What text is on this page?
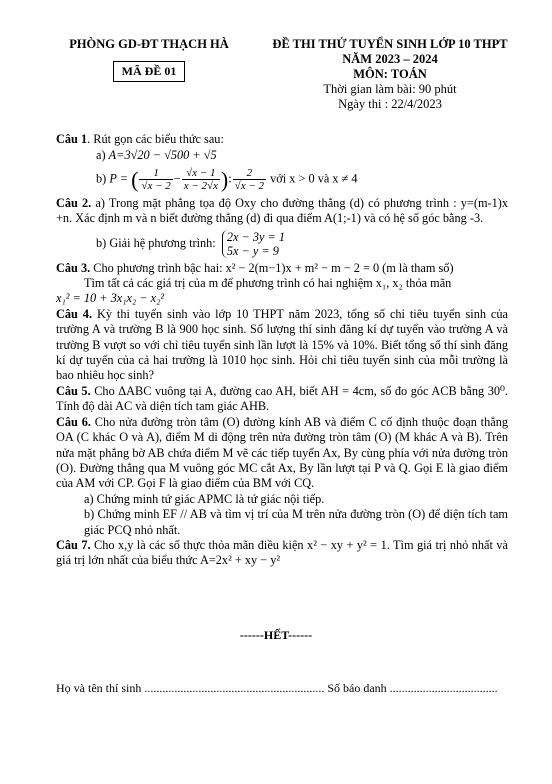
PHÒNG GD-ĐT THẠCH HÀ
MÃ ĐỀ 01
ĐỀ THI THỬ TUYỂN SINH LỚP 10 THPT
NĂM 2023 – 2024
MÔN: TOÁN
Thời gian làm bài: 90 phút
Ngày thi : 22/4/2023

Câu 1. Rút gọn các biểu thức sau:

a) A=3√20 − √500 + √5

b) P = ( $\frac{1}{√x - 2} - \frac{√x - 1}{x - 2√x}$ ): $\frac{2}{√x - 2}$ với x > 0 và x ≠ 4

Câu 2. a) Trong mặt phẳng tọa độ Oxy cho đường thẳng (d) có phương trình : y=(m-1)x +n. Xác định m và n biết đường thẳng (d) đi qua điểm A(1;-1) và có hệ số góc bằng -3.

b) Giải hệ phương trình: 2x − 3y = 1
5x − y = 9

Câu 3. Cho phương trình bậc hai: x² − 2(m−1)x + m² − m − 2 = 0 (m là tham số)

Tìm tất cả các giá trị của m để phương trình có hai nghiệm x₁, x₂ thỏa mãn

x₁² = 10 + 3x₁x₂ − x₂²

Câu 4. Kỳ thi tuyển sinh vào lớp 10 THPT năm 2023, tổng số chỉ tiêu tuyển sinh của trường A và trường B là 900 học sinh. Số lượng thí sinh đăng kí dự tuyển vào trường A và trường B vượt so với chỉ tiêu tuyển sinh lần lượt là 15% và 10%. Biết tổng số thí sinh đăng kí dự tuyển của cả hai trường là 1010 học sinh. Hỏi chỉ tiêu tuyển sinh của mỗi trường là bao nhiêu học sinh?

Câu 5. Cho ΔABC vuông tại A, đường cao AH, biết AH = 4cm, số đo góc ACB bằng 30⁰. Tính độ dài AC và diện tích tam giác AHB.

Câu 6. Cho nửa đường tròn tâm (O) đường kính AB và điểm C cố định thuộc đoạn thẳng OA (C khác O và A), điểm M di động trên nửa đường tròn tâm (O) (M khác A và B). Trên nửa mặt phẳng bờ AB chứa điểm M vẽ các tiếp tuyến Ax, By cùng phía với nửa đường tròn (O). Đường thẳng qua M vuông góc MC cắt Ax, By lần lượt tại P và Q. Gọi E là giao điểm của AM với CP. Gọi F là giao điểm của BM với CQ.

a) Chứng minh tứ giác APMC là tứ giác nội tiếp.

b) Chứng minh EF // AB và tìm vị trí của M trên nửa đường tròn (O) để diện tích tam giác PCQ nhỏ nhất.

Câu 7. Cho x,y là các số thực thỏa mãn điều kiện x² − xy + y² = 1. Tìm giá trị nhỏ nhất và giá trị lớn nhất của biểu thức A=2x² + xy − y²

------HẾT------
Họ và tên thí sinh ............................................................ Số báo danh ....................................
